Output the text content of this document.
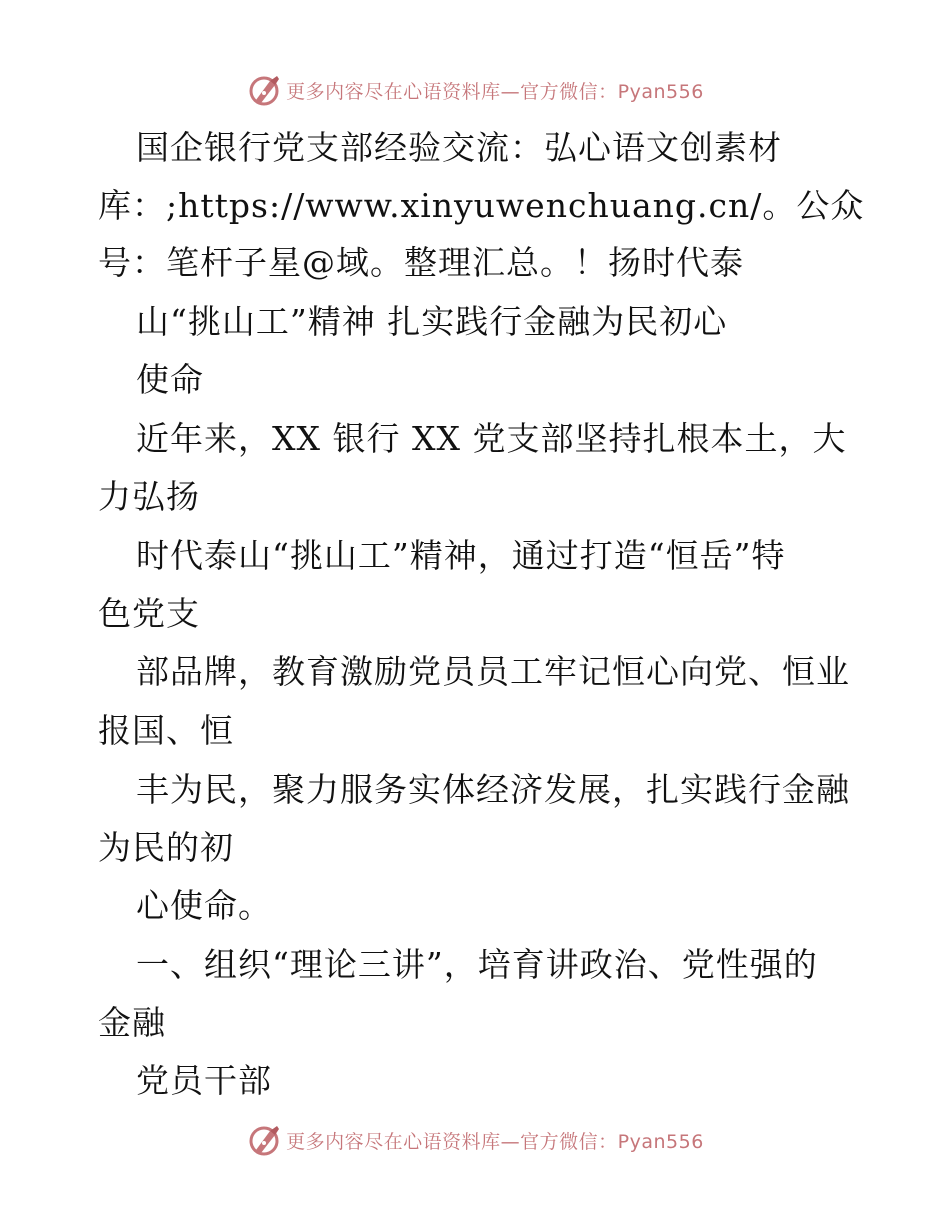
更多内容尽在心语资料库—官方微信：Pyan556
国企银行党支部经验交流：弘心语文创素材
库：;https://www.xinyuwenchuang.cn/。公众
号：笔杆子星@域。整理汇总。！扬时代泰
山“挑山工”精神 扎实践行金融为民初心
使命
近年来，XX 银行 XX 党支部坚持扎根本土，大
力弘扬
时代泰山“挑山工”精神，通过打造“恒岳”特
色党支
部品牌，教育激励党员员工牢记恒心向党、恒业
报国、恒
丰为民，聚力服务实体经济发展，扎实践行金融
为民的初
心使命。
一、组织“理论三讲”，培育讲政治、党性强的
金融
党员干部
更多内容尽在心语资料库—官方微信：Pyan556
